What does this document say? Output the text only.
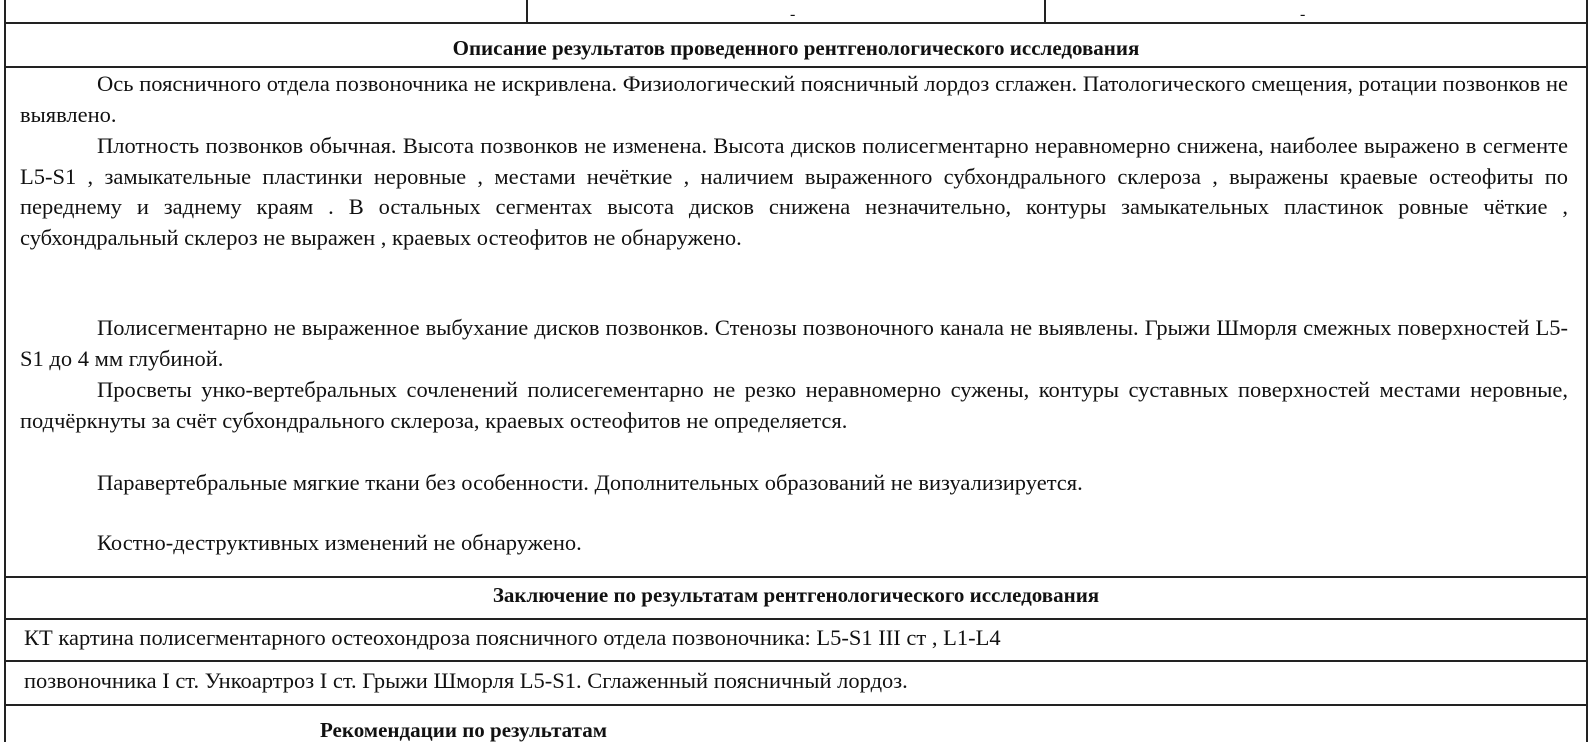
-	-
Описание результатов проведенного рентгенологического исследования
Ось поясничного отдела позвоночника не искривлена. Физиологический поясничный лордоз сглажен. Патологического смещения, ротации позвонков не выявлено.
Плотность позвонков обычная. Высота позвонков не изменена. Высота дисков полисегментарно неравномерно снижена, наиболее выражено в сегменте L5-S1 , замыкательные пластинки неровные , местами нечёткие , наличием выраженного субхондрального склероза , выражены краевые остеофиты по переднему и заднему краям . В остальных сегментах высота дисков снижена незначительно, контуры замыкательных пластинок ровные чёткие , субхондральный склероз не выражен , краевых остеофитов не обнаружено.
Полисегментарно не выраженное выбухание дисков позвонков. Стенозы позвоночного канала не выявлены. Грыжи Шморля смежных поверхностей L5-S1 до 4 мм глубиной.
Просветы унко-вертебральных сочленений полисегементарно не резко неравномерно сужены, контуры суставных поверхностей местами неровные, подчёркнуты за счёт субхондрального склероза, краевых остеофитов не определяется.
Паравертебральные мягкие ткани без особенности. Дополнительных образований не визуализируется.
Костно-деструктивных изменений не обнаружено.
Заключение по результатам рентгенологического исследования
КТ картина полисегментарного остеохондроза поясничного отдела позвоночника: L5-S1 III ст , L1-L4
позвоночника I ст. Ункоартроз I ст. Грыжи Шморля L5-S1. Сглаженный поясничный лордоз.
Рекомендации по результатам
